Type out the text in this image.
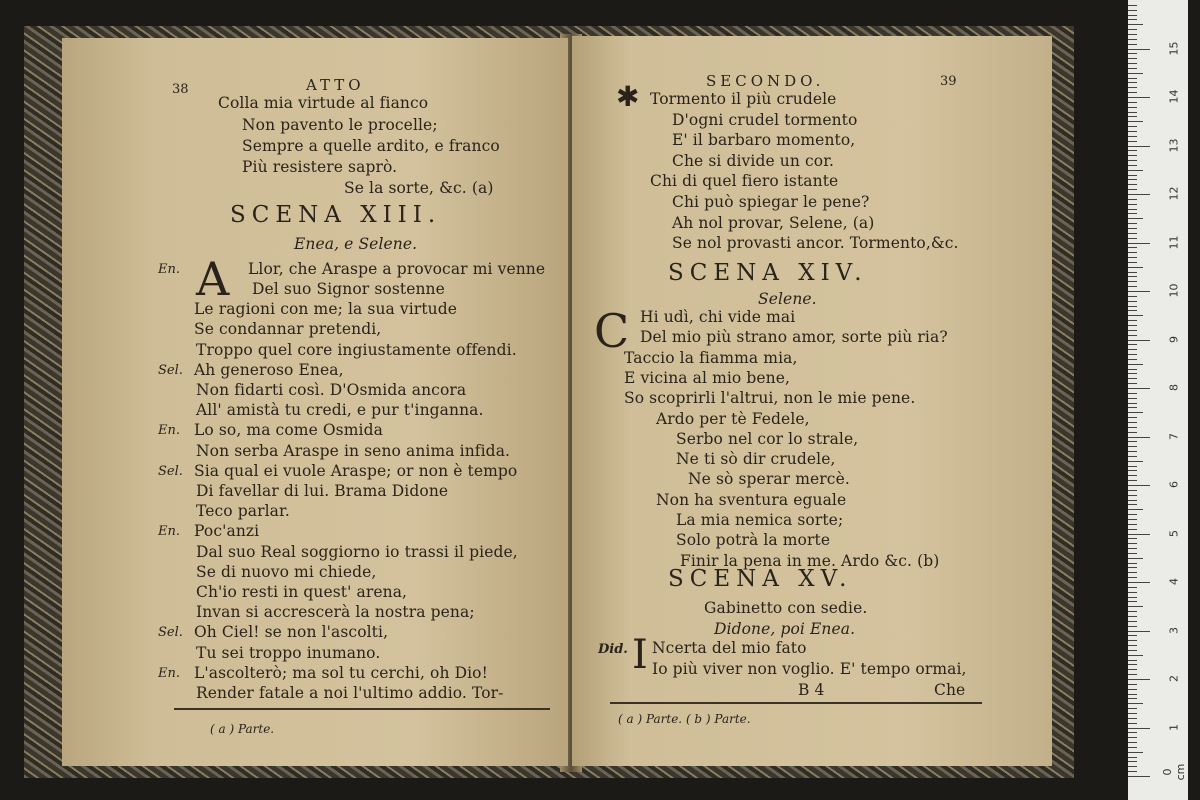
38	ATTO
Colla mia virtude al fianco
Non pavento le procelle;
Sempre a quelle ardito, e franco
Più resistere saprò.
Se la sorte, &c. (a)
SCENA XIII.
Enea, e Selene.
A
En.	Llor, che Araspe a provocar mi venne
Del suo Signor sostenne
Le ragioni con me; la sua virtude
Se condannar pretendi,
Troppo quel core ingiustamente offendi.
Sel. Ah generoso Enea,
Non fidarti così. D'Osmida ancora
All' amistà tu credi, e pur t'inganna.
En. Lo so, ma come Osmida
Non serba Araspe in seno anima infida.
Sel. Sia qual ei vuole Araspe; or non è tempo
Di favellar di lui. Brama Didone
Teco parlar.
En. Poc'anzi
Dal suo Real soggiorno io trassi il piede,
Se di nuovo mi chiede,
Ch'io resti in quest' arena,
Invan si accrescerà la nostra pena;
Sel. Oh Ciel! se non l'ascolti,
Tu sei troppo inumano.
En. L'ascolterò; ma sol tu cerchi, oh Dio!
Render fatale a noi l'ultimo addio. Tor-
( a ) Parte.
SECONDO.	39
✱ Tormento il più crudele
D'ogni crudel tormento
E' il barbaro momento,
Che si divide un cor.
Chi di quel fiero istante
Chi può spiegar le pene?
Ah nol provar, Selene, (a)
Se nol provasti ancor. Tormento,&c.
SCENA XIV.
Selene.
C Hi udì, chi vide mai
Del mio più strano amor, sorte più ria?
Taccio la fiamma mia,
E vicina al mio bene,
So scoprirli l'altrui, non le mie pene.
Ardo per tè Fedele,
Serbo nel cor lo strale,
Ne ti sò dir crudele,
Ne sò sperar mercè.
Non ha sventura eguale
La mia nemica sorte;
Solo potrà la morte
Finir la pena in me. Ardo &c. (b)
SCENA XV.
Gabinetto con sedie.
Didone, poi Enea.
Did. I Ncerta del mio fato
Io più viver non voglio. E' tempo ormai,
B 4	Che
( a ) Parte. ( b ) Parte.
0 cm
1
2
3
4
5
6
7
8
9
10
11
12
13
14
15
